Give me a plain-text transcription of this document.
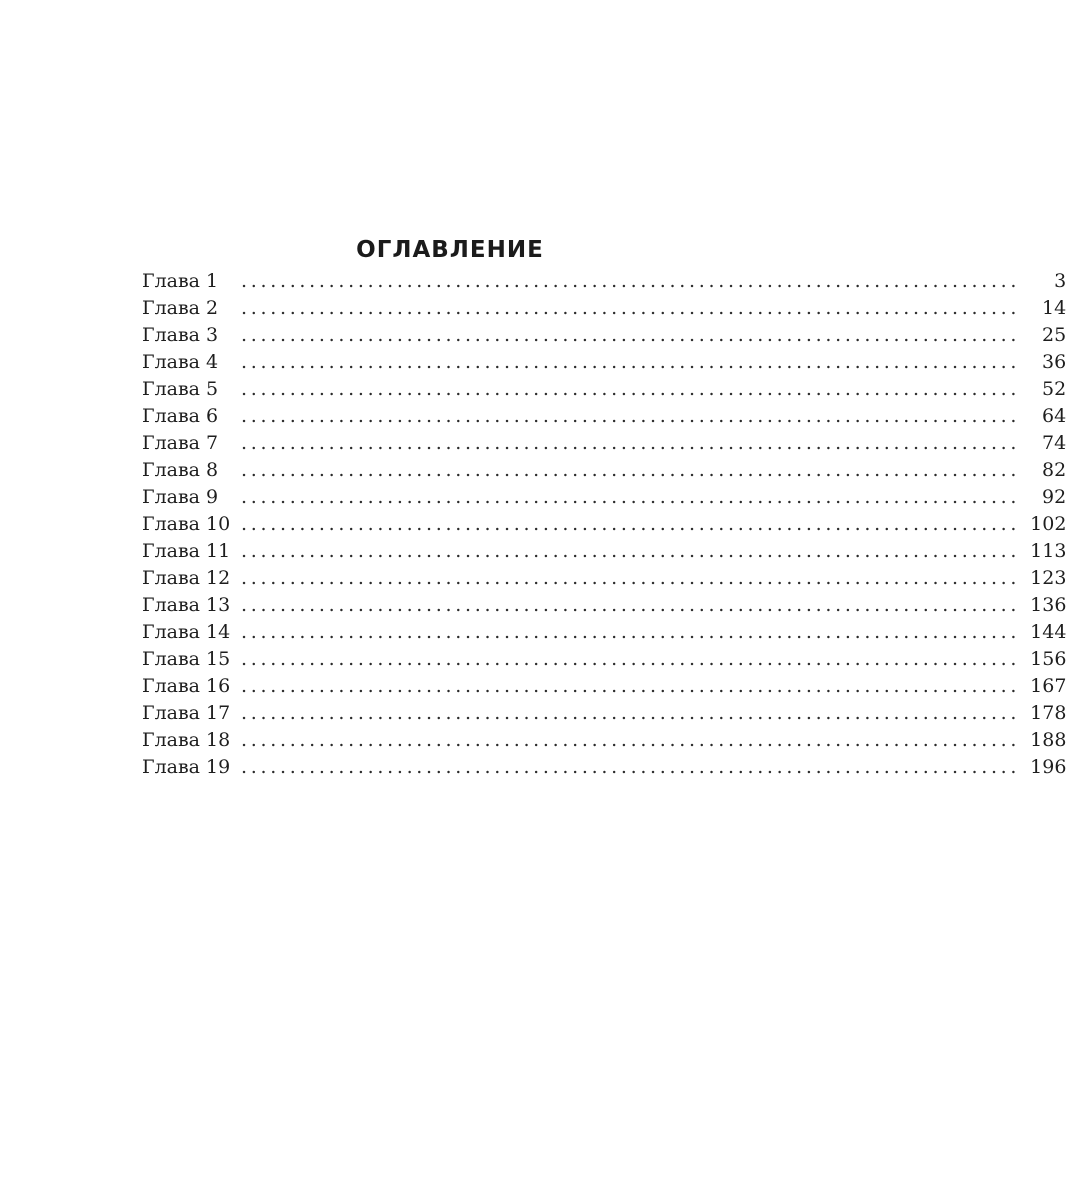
ОГЛАВЛЕНИЕ
Глава 1	................................................................................	3
Глава 2	................................................................................	14
Глава 3	................................................................................	25
Глава 4	................................................................................	36
Глава 5	................................................................................	52
Глава 6	................................................................................	64
Глава 7	................................................................................	74
Глава 8	................................................................................	82
Глава 9	................................................................................	92
Глава 10 ................................................................................ 102
Глава 11 ................................................................................ 113
Глава 12 ................................................................................ 123
Глава 13 ................................................................................ 136
Глава 14 ................................................................................ 144
Глава 15 ................................................................................ 156
Глава 16 ................................................................................ 167
Глава 17 ................................................................................ 178
Глава 18 ................................................................................ 188
Глава 19 ................................................................................ 196
